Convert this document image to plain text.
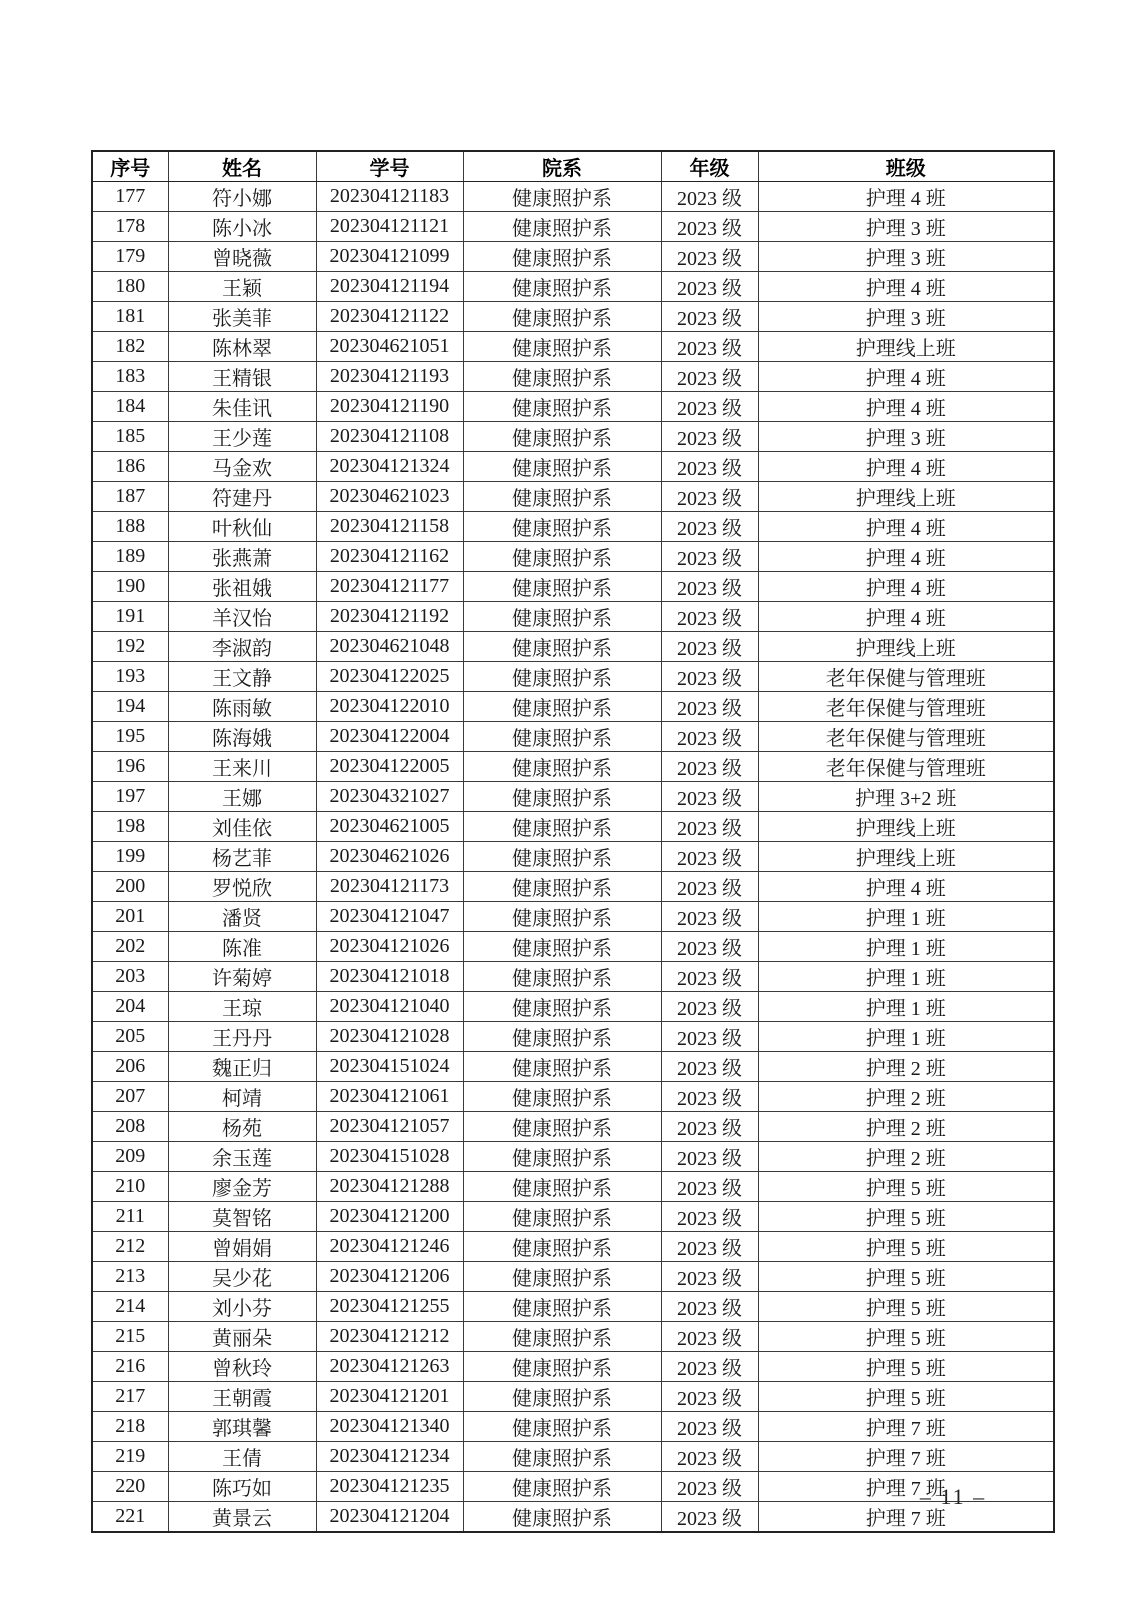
序号	姓名	学号	院系	年级	班级
177	符小娜	202304121183	健康照护系	2023 级	护理 4 班
178	陈小冰	202304121121	健康照护系	2023 级	护理 3 班
179	曾晓薇	202304121099	健康照护系	2023 级	护理 3 班
180	王颖	202304121194	健康照护系	2023 级	护理 4 班
181	张美菲	202304121122	健康照护系	2023 级	护理 3 班
182	陈林翠	202304621051	健康照护系	2023 级	护理线上班
183	王精银	202304121193	健康照护系	2023 级	护理 4 班
184	朱佳讯	202304121190	健康照护系	2023 级	护理 4 班
185	王少莲	202304121108	健康照护系	2023 级	护理 3 班
186	马金欢	202304121324	健康照护系	2023 级	护理 4 班
187	符建丹	202304621023	健康照护系	2023 级	护理线上班
188	叶秋仙	202304121158	健康照护系	2023 级	护理 4 班
189	张燕萧	202304121162	健康照护系	2023 级	护理 4 班
190	张祖娥	202304121177	健康照护系	2023 级	护理 4 班
191	羊汉怡	202304121192	健康照护系	2023 级	护理 4 班
192	李淑韵	202304621048	健康照护系	2023 级	护理线上班
193	王文静	202304122025	健康照护系	2023 级	老年保健与管理班
194	陈雨敏	202304122010	健康照护系	2023 级	老年保健与管理班
195	陈海娥	202304122004	健康照护系	2023 级	老年保健与管理班
196	王来川	202304122005	健康照护系	2023 级	老年保健与管理班
197	王娜	202304321027	健康照护系	2023 级	护理 3+2 班
198	刘佳依	202304621005	健康照护系	2023 级	护理线上班
199	杨艺菲	202304621026	健康照护系	2023 级	护理线上班
200	罗悦欣	202304121173	健康照护系	2023 级	护理 4 班
201	潘贤	202304121047	健康照护系	2023 级	护理 1 班
202	陈准	202304121026	健康照护系	2023 级	护理 1 班
203	许菊婷	202304121018	健康照护系	2023 级	护理 1 班
204	王琼	202304121040	健康照护系	2023 级	护理 1 班
205	王丹丹	202304121028	健康照护系	2023 级	护理 1 班
206	魏正归	202304151024	健康照护系	2023 级	护理 2 班
207	柯靖	202304121061	健康照护系	2023 级	护理 2 班
208	杨苑	202304121057	健康照护系	2023 级	护理 2 班
209	余玉莲	202304151028	健康照护系	2023 级	护理 2 班
210	廖金芳	202304121288	健康照护系	2023 级	护理 5 班
211	莫智铭	202304121200	健康照护系	2023 级	护理 5 班
212	曾娟娟	202304121246	健康照护系	2023 级	护理 5 班
213	吴少花	202304121206	健康照护系	2023 级	护理 5 班
214	刘小芬	202304121255	健康照护系	2023 级	护理 5 班
215	黄丽朵	202304121212	健康照护系	2023 级	护理 5 班
216	曾秋玲	202304121263	健康照护系	2023 级	护理 5 班
217	王朝霞	202304121201	健康照护系	2023 级	护理 5 班
218	郭琪馨	202304121340	健康照护系	2023 级	护理 7 班
219	王倩	202304121234	健康照护系	2023 级	护理 7 班
220	陈巧如	202304121235	健康照护系	2023 级	护理 7 班
221	黄景云	202304121204	健康照护系	2023 级	护理 7 班
– 11 –
